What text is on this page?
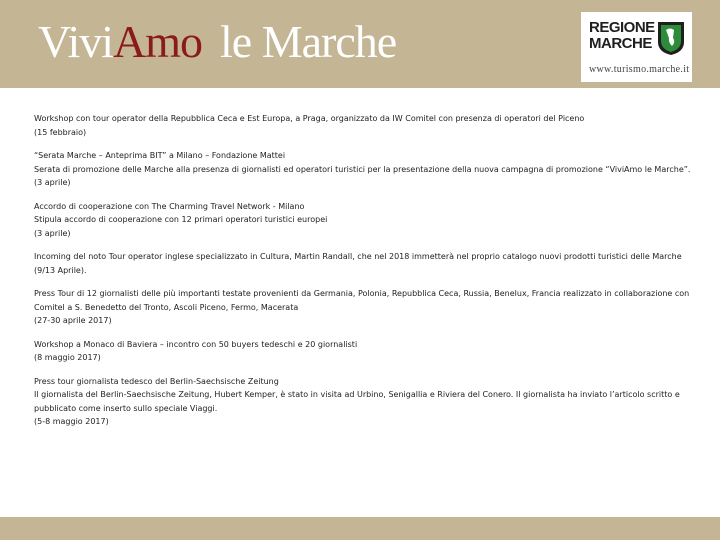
ViviAmo le Marche	REGIONE
MARCHE
www.turismo.marche.it
Workshop con tour operator della Repubblica Ceca e Est Europa, a Praga, organizzato da IW Comitel con presenza di operatori del Piceno
(15 febbraio)
“Serata Marche – Anteprima BIT” a Milano – Fondazione Mattei
Serata di promozione delle Marche alla presenza di giornalisti ed operatori turistici per la presentazione della nuova campagna di promozione “ViviAmo le Marche”.
(3 aprile)
Accordo di cooperazione con The Charming Travel Network - Milano
Stipula accordo di cooperazione con 12 primari operatori turistici europei
(3 aprile)
Incoming del noto Tour operator inglese specializzato in Cultura, Martin Randall, che nel 2018 immetterà nel proprio catalogo nuovi prodotti turistici delle Marche
(9/13 Aprile).
Press Tour di 12 giornalisti delle più importanti testate provenienti da Germania, Polonia, Repubblica Ceca, Russia, Benelux, Francia realizzato in collaborazione con Comitel a S. Benedetto del Tronto, Ascoli Piceno, Fermo, Macerata
(27-30 aprile 2017)
Workshop a Monaco di Baviera – incontro con 50 buyers tedeschi e 20 giornalisti
(8 maggio 2017)
Press tour giornalista tedesco del Berlin-Saechsische Zeitung
Il giornalista del Berlin-Saechsische Zeitung, Hubert Kemper, è stato in visita ad Urbino, Senigallia e Riviera del Conero. Il giornalista ha inviato l’articolo scritto e pubblicato come inserto sullo speciale Viaggi.
(5-8 maggio 2017)
